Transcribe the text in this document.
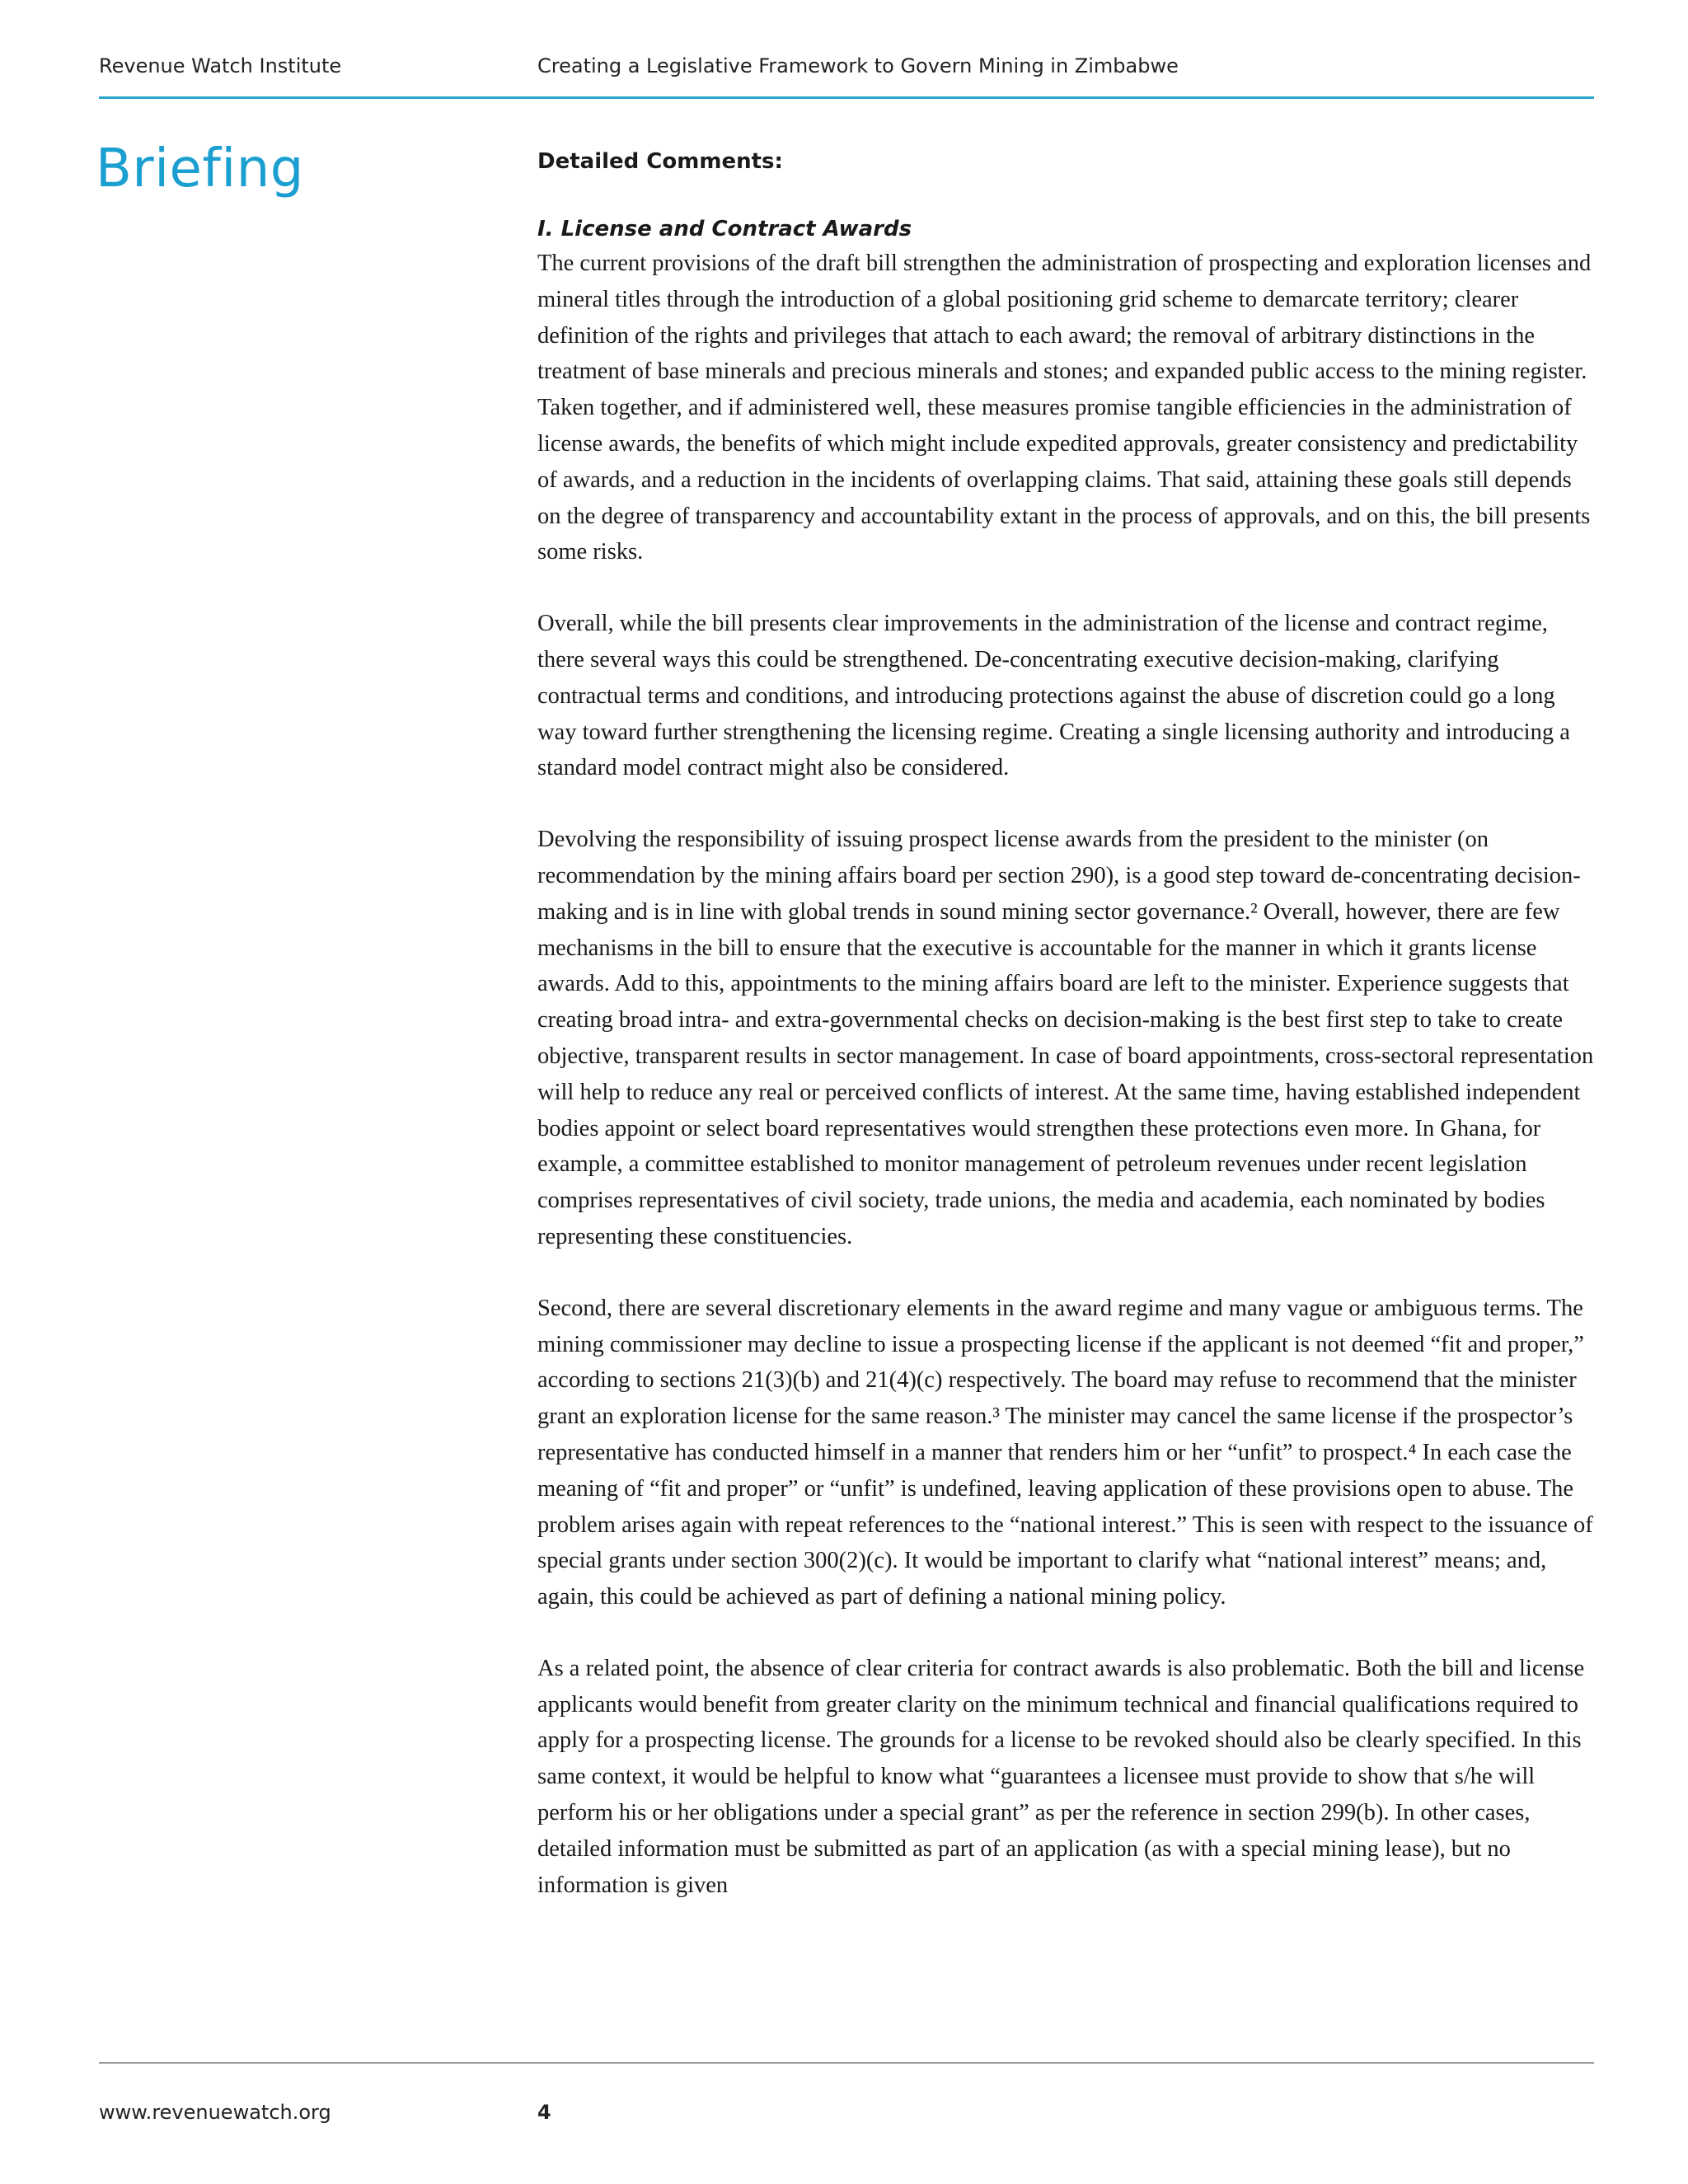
Revenue Watch Institute	Creating a Legislative Framework to Govern Mining in Zimbabwe
Briefing	Detailed Comments:

I. License and Contract Awards

The current provisions of the draft bill strengthen the administration of prospecting and exploration licenses and mineral titles through the introduction of a global positioning grid scheme to demarcate territory; clearer definition of the rights and privileges that attach to each award; the removal of arbitrary distinctions in the treatment of base minerals and precious minerals and stones; and expanded public access to the mining register. Taken together, and if administered well, these measures promise tangible efficiencies in the administration of license awards, the benefits of which might include expedited approvals, greater consistency and predictability of awards, and a reduction in the incidents of overlapping claims. That said, attaining these goals still depends on the degree of transparency and accountability extant in the process of approvals, and on this, the bill presents some risks.

Overall, while the bill presents clear improvements in the administration of the license and contract regime, there several ways this could be strengthened. De-concentrating executive decision-making, clarifying contractual terms and conditions, and introducing protections against the abuse of discretion could go a long way toward further strengthening the licensing regime. Creating a single licensing authority and introducing a standard model contract might also be considered.

Devolving the responsibility of issuing prospect license awards from the president to the minister (on recommendation by the mining affairs board per section 290), is a good step toward de-concentrating decision-making and is in line with global trends in sound mining sector governance.² Overall, however, there are few mechanisms in the bill to ensure that the executive is accountable for the manner in which it grants license awards. Add to this, appointments to the mining affairs board are left to the minister. Experience suggests that creating broad intra- and extra-governmental checks on decision-making is the best first step to take to create objective, transparent results in sector management. In case of board appointments, cross-sectoral representation will help to reduce any real or perceived conflicts of interest. At the same time, having established independent bodies appoint or select board representatives would strengthen these protections even more. In Ghana, for example, a committee established to monitor management of petroleum revenues under recent legislation comprises representatives of civil society, trade unions, the media and academia, each nominated by bodies representing these constituencies.

Second, there are several discretionary elements in the award regime and many vague or ambiguous terms. The mining commissioner may decline to issue a prospecting license if the applicant is not deemed “fit and proper,” according to sections 21(3)(b) and 21(4)(c) respectively. The board may refuse to recommend that the minister grant an exploration license for the same reason.³ The minister may cancel the same license if the prospector’s representative has conducted himself in a manner that renders him or her “unfit” to prospect.⁴ In each case the meaning of “fit and proper” or “unfit” is undefined, leaving application of these provisions open to abuse. The problem arises again with repeat references to the “national interest.” This is seen with respect to the issuance of special grants under section 300(2)(c). It would be important to clarify what “national interest” means; and, again, this could be achieved as part of defining a national mining policy.

As a related point, the absence of clear criteria for contract awards is also problematic. Both the bill and license applicants would benefit from greater clarity on the minimum technical and financial qualifications required to apply for a prospecting license. The grounds for a license to be revoked should also be clearly specified. In this same context, it would be helpful to know what “guarantees a licensee must provide to show that s/he will perform his or her obligations under a special grant” as per the reference in section 299(b). In other cases, detailed information must be submitted as part of an application (as with a special mining lease), but no information is given

www.revenuewatch.org	4
